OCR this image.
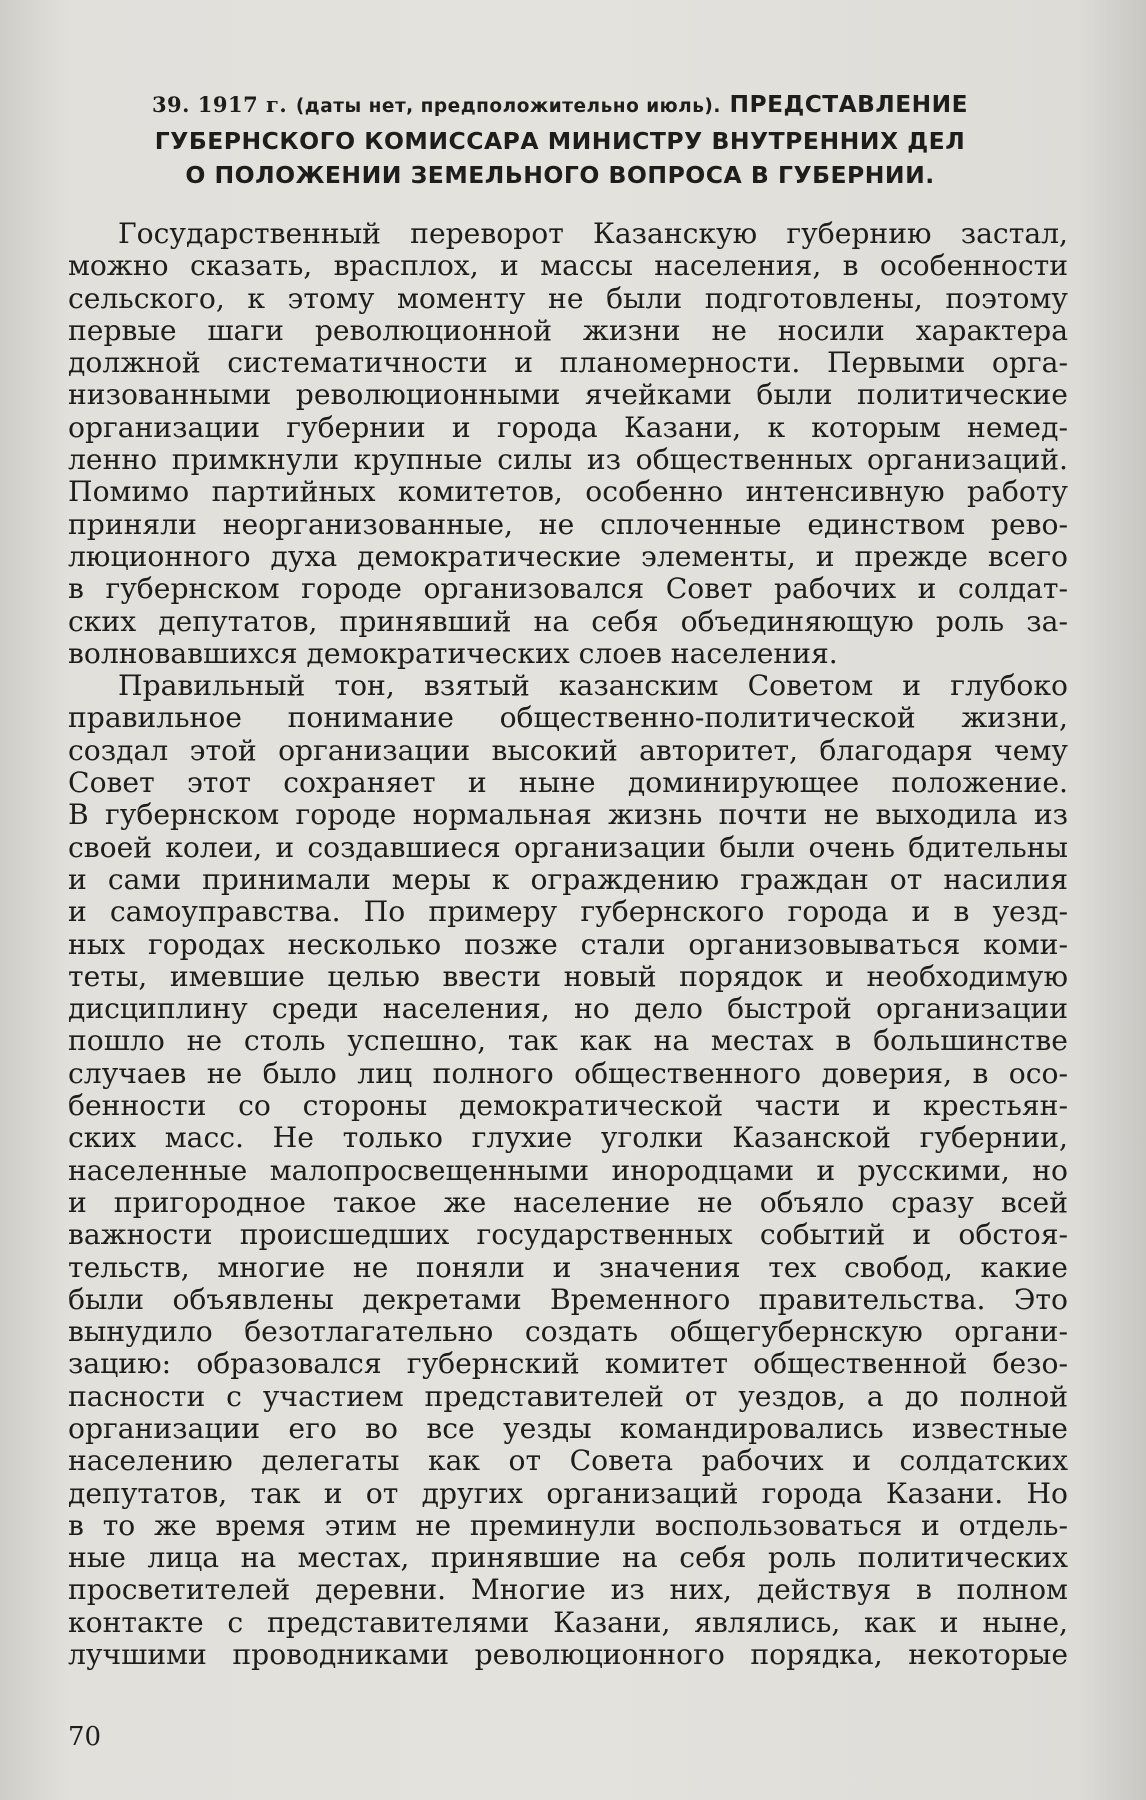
39. 1917 г. (даты нет, предположительно июль). ПРЕДСТАВЛЕНИЕ
ГУБЕРНСКОГО КОМИССАРА МИНИСТРУ ВНУТРЕННИХ ДЕЛ
О ПОЛОЖЕНИИ ЗЕМЕЛЬНОГО ВОПРОСА В ГУБЕРНИИ.
Государственный переворот Казанскую губернию застал,
можно сказать, врасплох, и массы населения, в особенности
сельского, к этому моменту не были подготовлены, поэтому
первые шаги революционной жизни не носили характера
должной систематичности и планомерности. Первыми орга-
низованными революционными ячейками были политические
организации губернии и города Казани, к которым немед-
ленно примкнули крупные силы из общественных организаций.
Помимо партийных комитетов, особенно интенсивную работу
приняли неорганизованные, не сплоченные единством рево-
люционного духа демократические элементы, и прежде всего
в губернском городе организовался Совет рабочих и солдат-
ских депутатов, принявший на себя объединяющую роль за-
волновавшихся демократических слоев населения.
Правильный тон, взятый казанским Советом и глубоко
правильное понимание общественно-политической жизни,
создал этой организации высокий авторитет, благодаря чему
Совет этот сохраняет и ныне доминирующее положение.
В губернском городе нормальная жизнь почти не выходила из
своей колеи, и создавшиеся организации были очень бдительны
и сами принимали меры к ограждению граждан от насилия
и самоуправства. По примеру губернского города и в уезд-
ных городах несколько позже стали организовываться коми-
теты, имевшие целью ввести новый порядок и необходимую
дисциплину среди населения, но дело быстрой организации
пошло не столь успешно, так как на местах в большинстве
случаев не было лиц полного общественного доверия, в осо-
бенности со стороны демократической части и крестьян-
ских масс. Не только глухие уголки Казанской губернии,
населенные малопросвещенными инородцами и русскими, но
и пригородное такое же население не объяло сразу всей
важности происшедших государственных событий и обстоя-
тельств, многие не поняли и значения тех свобод, какие
были объявлены декретами Временного правительства. Это
вынудило безотлагательно создать общегубернскую органи-
зацию: образовался губернский комитет общественной безо-
пасности с участием представителей от уездов, а до полной
организации его во все уезды командировались известные
населению делегаты как от Совета рабочих и солдатских
депутатов, так и от других организаций города Казани. Но
в то же время этим не преминули воспользоваться и отдель-
ные лица на местах, принявшие на себя роль политических
просветителей деревни. Многие из них, действуя в полном
контакте с представителями Казани, являлись, как и ныне,
лучшими проводниками революционного порядка, некоторые
70
